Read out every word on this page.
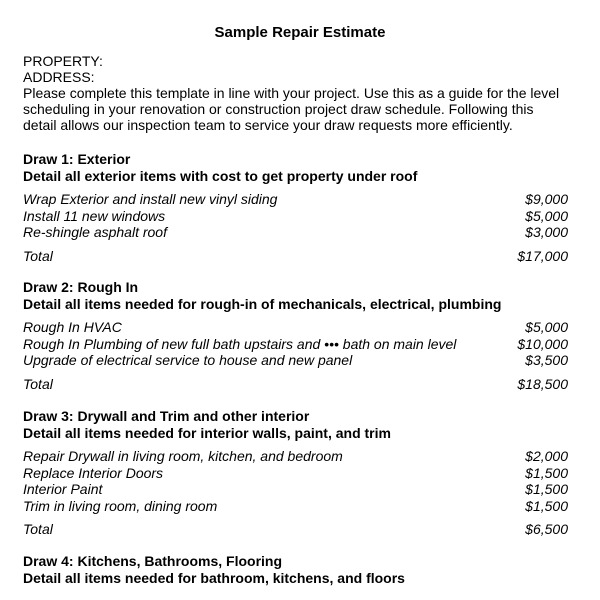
Sample Repair Estimate
PROPERTY:
ADDRESS:
Please complete this template in line with your project. Use this as a guide for the level
scheduling in your renovation or construction project draw schedule. Following this
detail allows our inspection team to service your draw requests more efficiently.
Draw 1: Exterior
Detail all exterior items with cost to get property under roof
Wrap Exterior and install new vinyl siding	$9,000
Install 11 new windows	$5,000
Re-shingle asphalt roof	$3,000
Total	$17,000
Draw 2: Rough In
Detail all items needed for rough-in of mechanicals, electrical, plumbing
Rough In HVAC	$5,000
Rough In Plumbing of new full bath upstairs and ••• bath on main level	$10,000
Upgrade of electrical service to house and new panel	$3,500
Total	$18,500
Draw 3: Drywall and Trim and other interior
Detail all items needed for interior walls, paint, and trim
Repair Drywall in living room, kitchen, and bedroom	$2,000
Replace Interior Doors	$1,500
Interior Paint	$1,500
Trim in living room, dining room	$1,500
Total	$6,500
Draw 4: Kitchens, Bathrooms, Flooring
Detail all items needed for bathroom, kitchens, and floors
